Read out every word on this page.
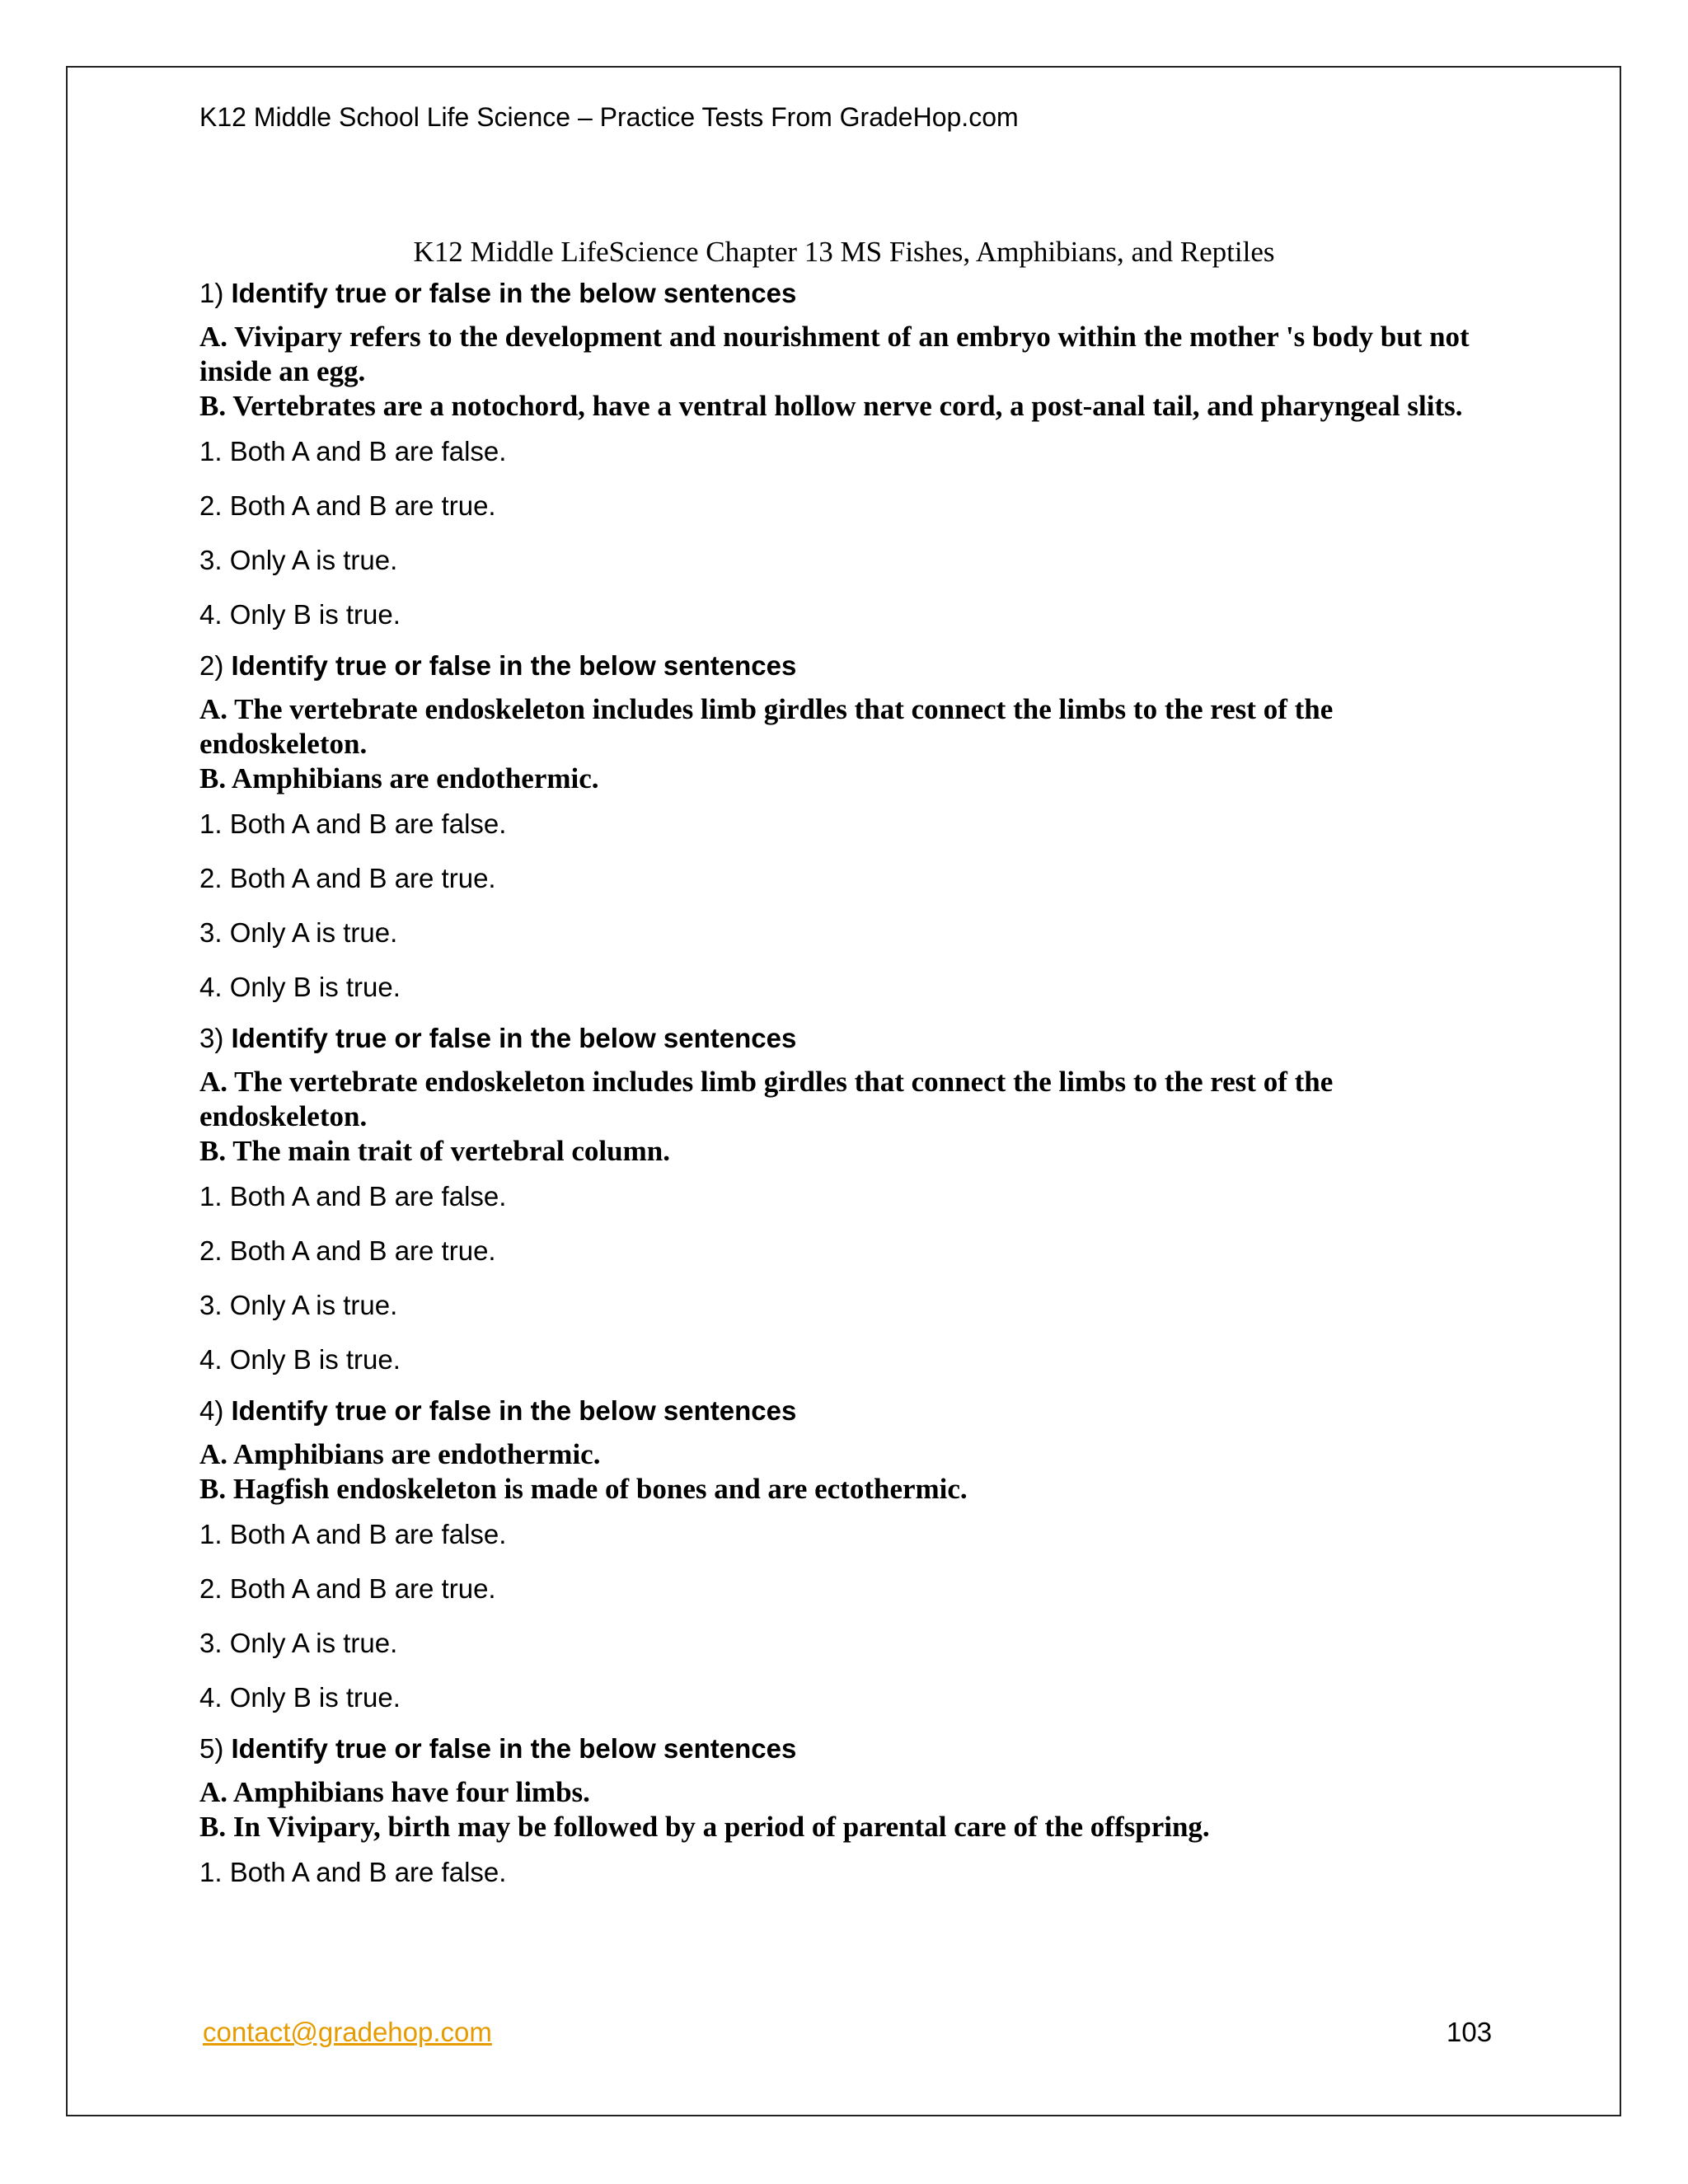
K12 Middle School Life Science – Practice Tests From GradeHop.com
K12 Middle LifeScience Chapter 13 MS Fishes, Amphibians, and Reptiles
1) Identify true or false in the below sentences
A. Vivipary refers to the development and nourishment of an embryo within the mother 's body but not inside an egg.
B. Vertebrates are a notochord, have a ventral hollow nerve cord, a post-anal tail, and pharyngeal slits.
1. Both A and B are false.
2. Both A and B are true.
3. Only A is true.
4. Only B is true.
2) Identify true or false in the below sentences
A. The vertebrate endoskeleton includes limb girdles that connect the limbs to the rest of the endoskeleton.
B. Amphibians are endothermic.
1. Both A and B are false.
2. Both A and B are true.
3. Only A is true.
4. Only B is true.
3) Identify true or false in the below sentences
A. The vertebrate endoskeleton includes limb girdles that connect the limbs to the rest of the endoskeleton.
B. The main trait of vertebral column.
1. Both A and B are false.
2. Both A and B are true.
3. Only A is true.
4. Only B is true.
4) Identify true or false in the below sentences
A. Amphibians are endothermic.
B. Hagfish endoskeleton is made of bones and are ectothermic.
1. Both A and B are false.
2. Both A and B are true.
3. Only A is true.
4. Only B is true.
5) Identify true or false in the below sentences
A. Amphibians have four limbs.
B. In Vivipary, birth may be followed by a period of parental care of the offspring.
1. Both A and B are false.
contact@gradehop.com	103
